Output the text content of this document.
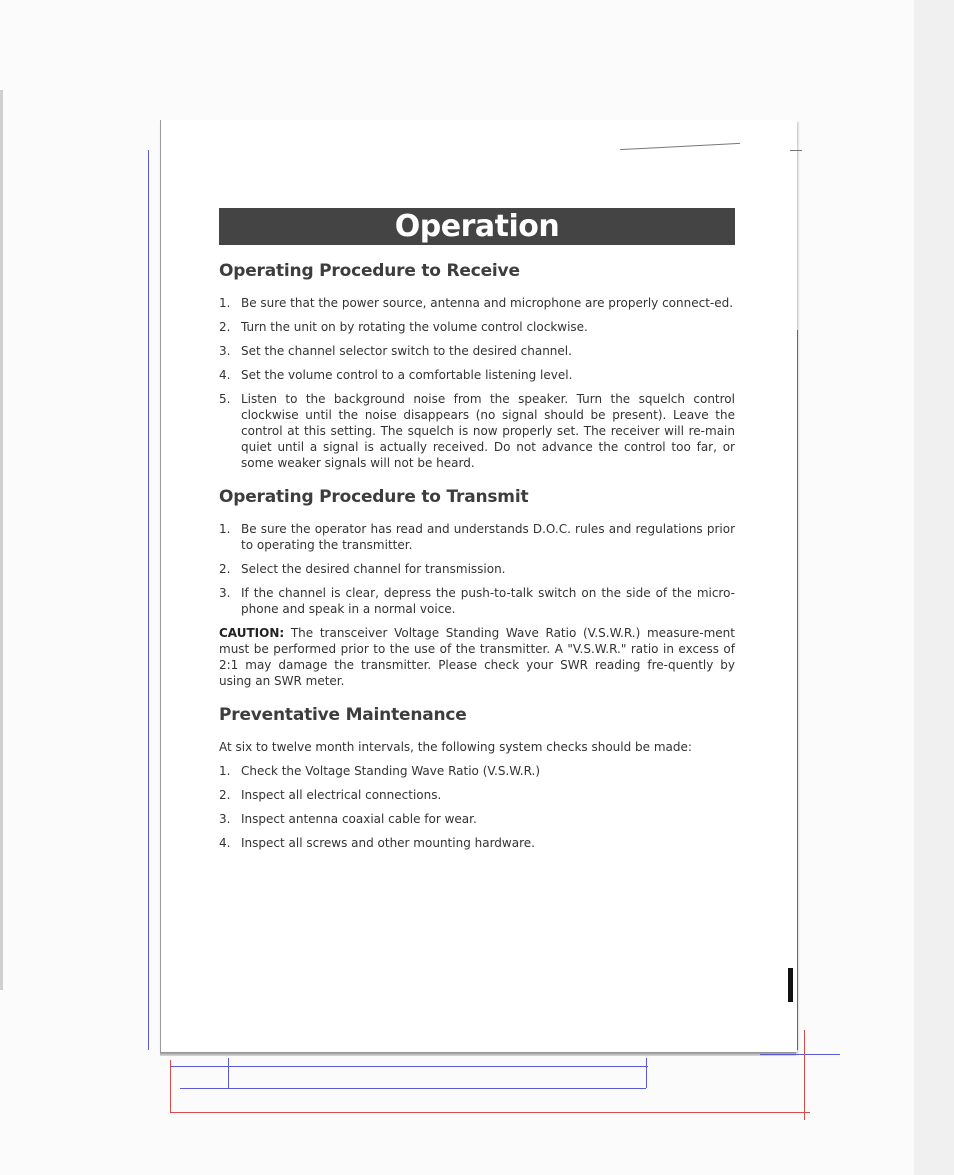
Operation
Operating Procedure to Receive
1. Be sure that the power source, antenna and microphone are properly connect-ed.
2. Turn the unit on by rotating the volume control clockwise.
3. Set the channel selector switch to the desired channel.
4. Set the volume control to a comfortable listening level.
5. Listen to the background noise from the speaker. Turn the squelch control clockwise until the noise disappears (no signal should be present). Leave the control at this setting. The squelch is now properly set. The receiver will re-main quiet until a signal is actually received. Do not advance the control too far, or some weaker signals will not be heard.
Operating Procedure to Transmit
1. Be sure the operator has read and understands D.O.C. rules and regulations prior to operating the transmitter.
2. Select the desired channel for transmission.
3. If the channel is clear, depress the push-to-talk switch on the side of the micro-phone and speak in a normal voice.

CAUTION: The transceiver Voltage Standing Wave Ratio (V.S.W.R.) measure-ment must be performed prior to the use of the transmitter. A "V.S.W.R." ratio in excess of 2:1 may damage the transmitter. Please check your SWR reading fre-quently by using an SWR meter.

Preventative Maintenance

At six to twelve month intervals, the following system checks should be made:

1. Check the Voltage Standing Wave Ratio (V.S.W.R.)
2. Inspect all electrical connections.
3. Inspect antenna coaxial cable for wear.
4. Inspect all screws and other mounting hardware.
